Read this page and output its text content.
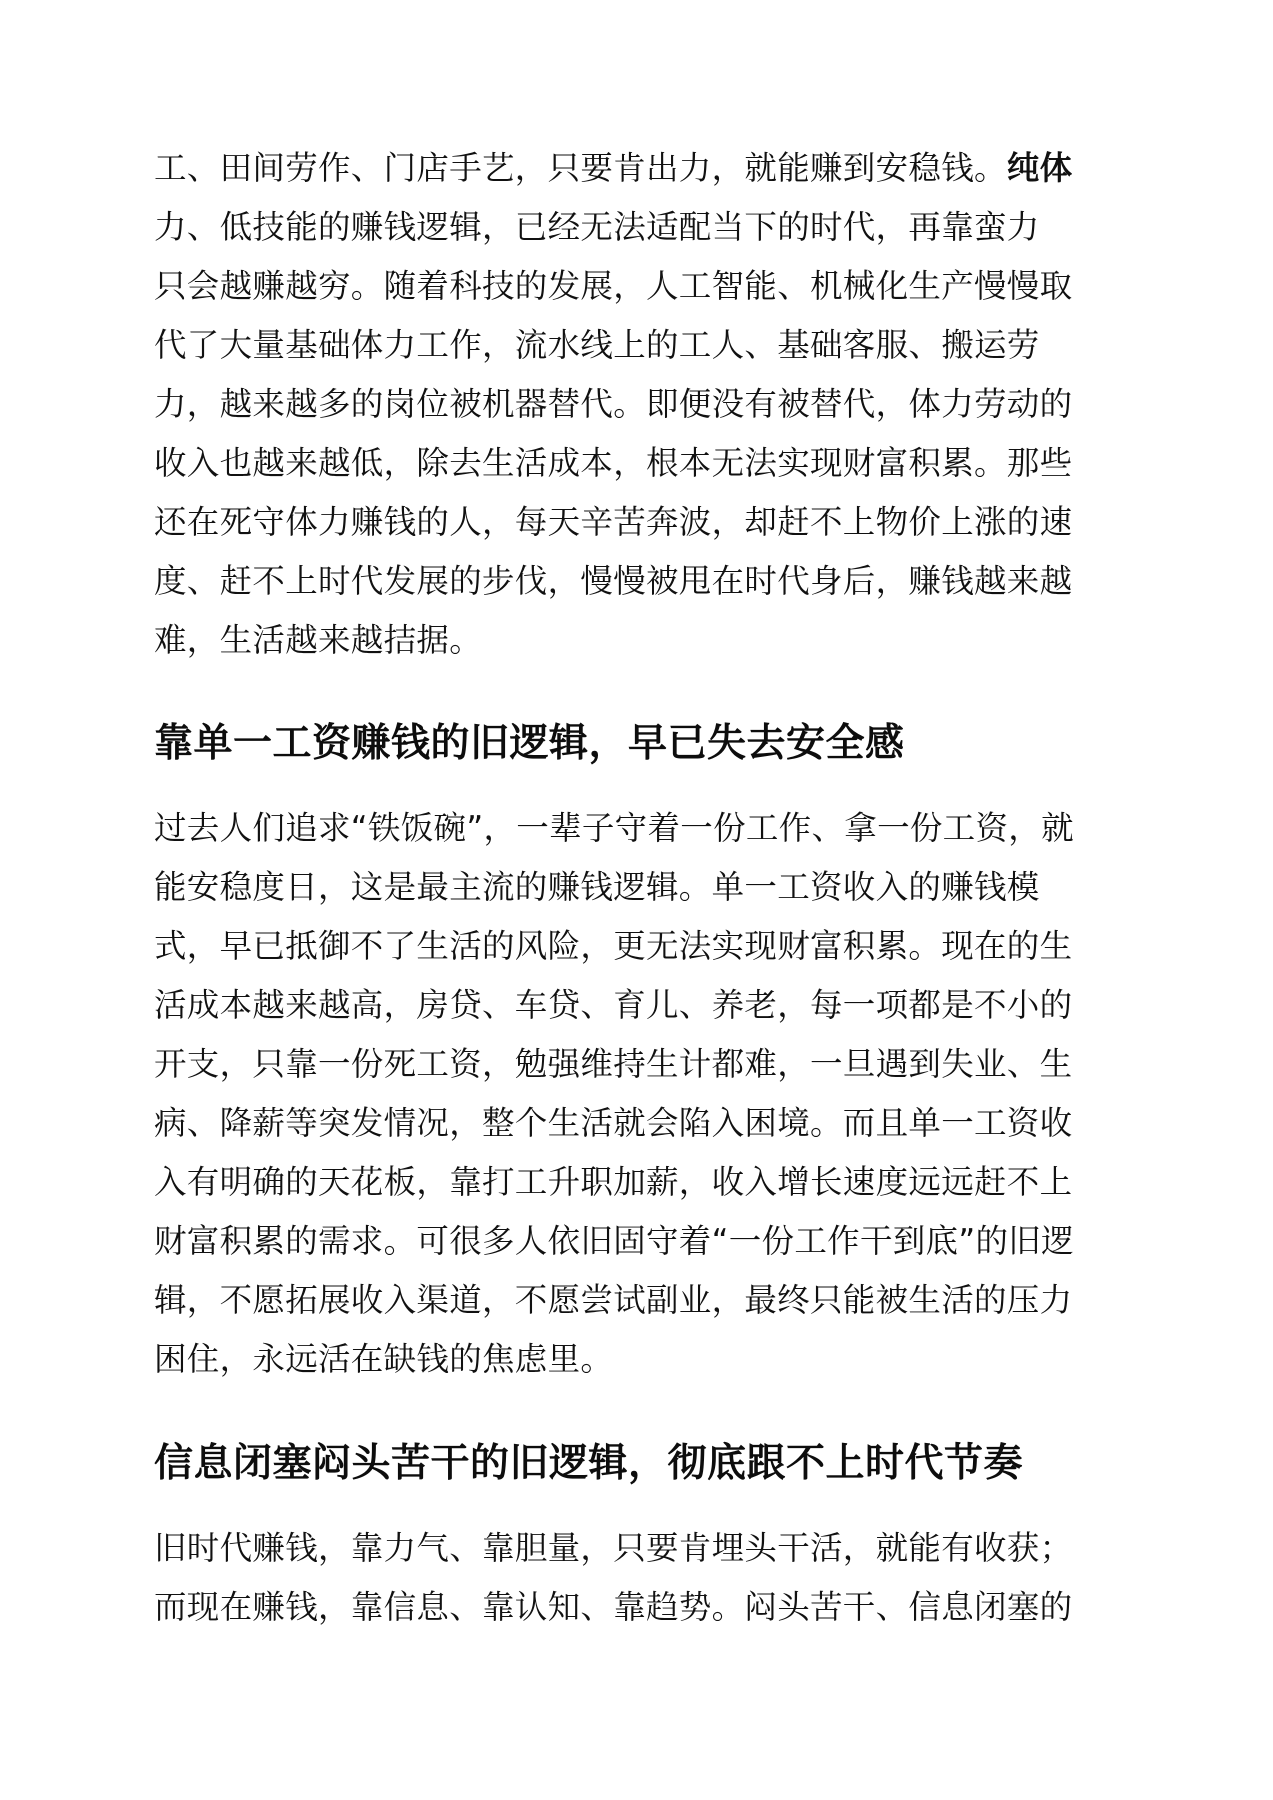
工、田间劳作、门店手艺，只要肯出力，就能赚到安稳钱。纯体
力、低技能的赚钱逻辑，已经无法适配当下的时代，再靠蛮力
只会越赚越穷。随着科技的发展，人工智能、机械化生产慢慢取
代了大量基础体力工作，流水线上的工人、基础客服、搬运劳
力，越来越多的岗位被机器替代。即便没有被替代，体力劳动的
收入也越来越低，除去生活成本，根本无法实现财富积累。那些
还在死守体力赚钱的人，每天辛苦奔波，却赶不上物价上涨的速
度、赶不上时代发展的步伐，慢慢被甩在时代身后，赚钱越来越
难，生活越来越拮据。
靠单一工资赚钱的旧逻辑，早已失去安全感
过去人们追求“铁饭碗”，一辈子守着一份工作、拿一份工资，就
能安稳度日，这是最主流的赚钱逻辑。单一工资收入的赚钱模
式，早已抵御不了生活的风险，更无法实现财富积累。现在的生
活成本越来越高，房贷、车贷、育儿、养老，每一项都是不小的
开支，只靠一份死工资，勉强维持生计都难，一旦遇到失业、生
病、降薪等突发情况，整个生活就会陷入困境。而且单一工资收
入有明确的天花板，靠打工升职加薪，收入增长速度远远赶不上
财富积累的需求。可很多人依旧固守着“一份工作干到底”的旧逻
辑，不愿拓展收入渠道，不愿尝试副业，最终只能被生活的压力
困住，永远活在缺钱的焦虑里。
信息闭塞闷头苦干的旧逻辑，彻底跟不上时代节奏
旧时代赚钱，靠力气、靠胆量，只要肯埋头干活，就能有收获；
而现在赚钱，靠信息、靠认知、靠趋势。闷头苦干、信息闭塞的
